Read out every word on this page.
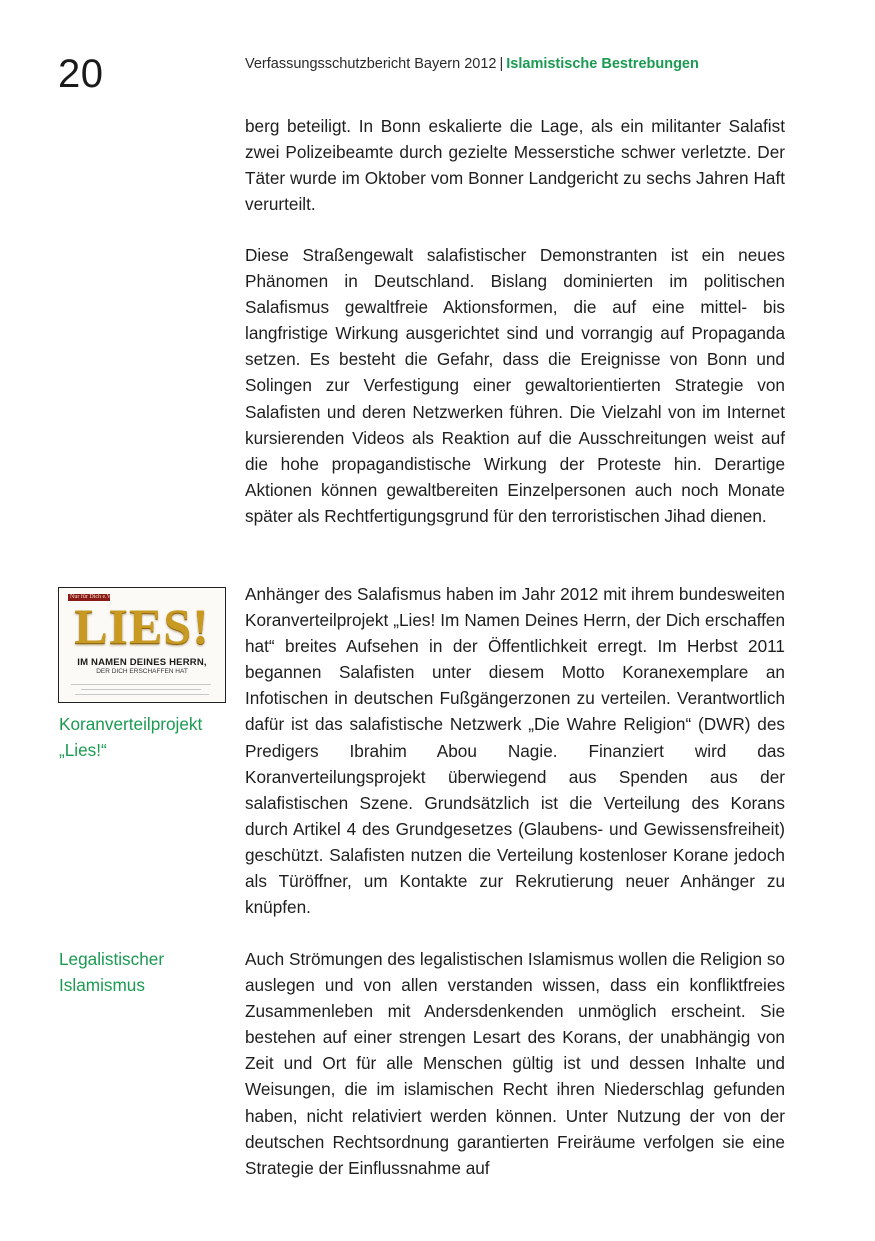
20	Verfassungsschutzbericht Bayern 2012 | Islamistische Bestrebungen
berg beteiligt. In Bonn eskalierte die Lage, als ein militanter Salafist zwei Polizeibeamte durch gezielte Messerstiche schwer verletzte. Der Täter wurde im Oktober vom Bonner Landgericht zu sechs Jahren Haft verurteilt.
Diese Straßengewalt salafistischer Demonstranten ist ein neues Phänomen in Deutschland. Bislang dominierten im politischen Salafismus gewaltfreie Aktionsformen, die auf eine mittel- bis langfristige Wirkung ausgerichtet sind und vorrangig auf Propaganda setzen. Es besteht die Gefahr, dass die Ereignisse von Bonn und Solingen zur Verfestigung einer gewaltorientierten Strategie von Salafisten und deren Netzwerken führen. Die Vielzahl von im Internet kursierenden Videos als Reaktion auf die Ausschreitungen weist auf die hohe propagandistische Wirkung der Proteste hin. Derartige Aktionen können gewaltbereiten Einzelpersonen auch noch Monate später als Rechtfertigungsgrund für den terroristischen Jihad dienen.
Anhänger des Salafismus haben im Jahr 2012 mit ihrem bundesweiten Koranverteilprojekt „Lies! Im Namen Deines Herrn, der Dich erschaffen hat“ breites Aufsehen in der Öffentlichkeit erregt. Im Herbst 2011 begannen Salafisten unter diesem Motto Koranexemplare an Infotischen in deutschen Fußgängerzonen zu verteilen. Verantwortlich dafür ist das salafistische Netzwerk „Die Wahre Religion“ (DWR) des Predigers Ibrahim Abou Nagie. Finanziert wird das Koranverteilungsprojekt überwiegend aus Spenden aus der salafistischen Szene. Grundsätzlich ist die Verteilung des Korans durch Artikel 4 des Grundgesetzes (Glaubens- und Gewissensfreiheit) geschützt. Salafisten nutzen die Verteilung kostenloser Korane jedoch als Türöffner, um Kontakte zur Rekrutierung neuer Anhänger zu knüpfen.
Auch Strömungen des legalistischen Islamismus wollen die Religion so auslegen und von allen verstanden wissen, dass ein konfliktfreies Zusammenleben mit Andersdenkenden unmöglich erscheint. Sie bestehen auf einer strengen Lesart des Korans, der unabhängig von Zeit und Ort für alle Menschen gültig ist und dessen Inhalte und Weisungen, die im islamischen Recht ihren Niederschlag gefunden haben, nicht relativiert werden können. Unter Nutzung der von der deutschen Rechtsordnung garantierten Freiräume verfolgen sie eine Strategie der Einflussnahme auf
Nur für Dich e.V.
LIES!
IM NAMEN DEINES HERRN,
DER DICH ERSCHAFFEN HAT
Koranverteilprojekt „Lies!“
Legalistischer Islamismus
